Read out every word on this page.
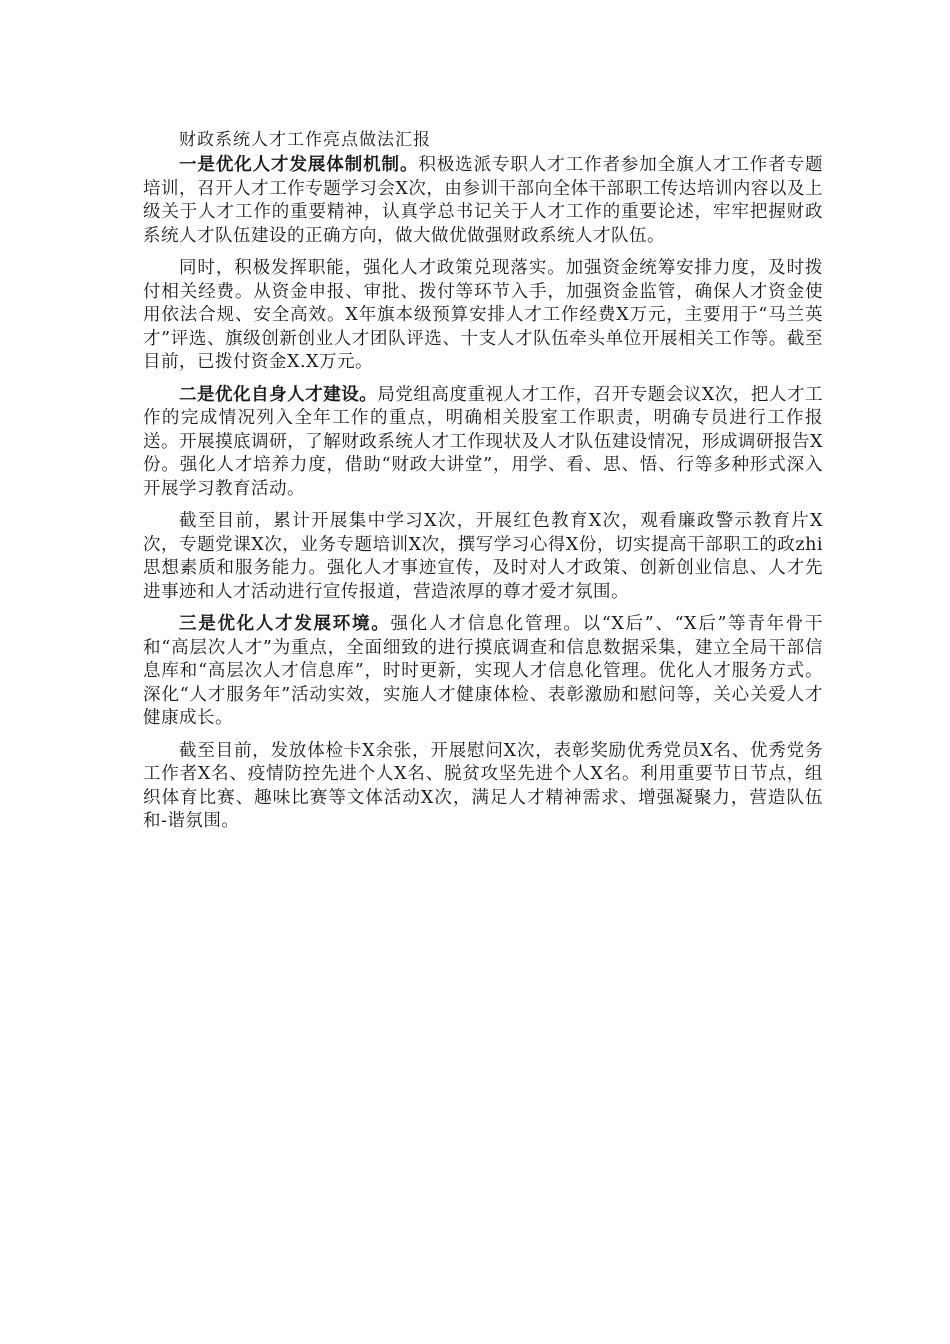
财政系统人才工作亮点做法汇报

一是优化人才发展体制机制。积极选派专职人才工作者参加全旗人才工作者专题培训，召开人才工作专题学习会X次，由参训干部向全体干部职工传达培训内容以及上级关于人才工作的重要精神，认真学总书记关于人才工作的重要论述，牢牢把握财政系统人才队伍建设的正确方向，做大做优做强财政系统人才队伍。

同时，积极发挥职能，强化人才政策兑现落实。加强资金统筹安排力度，及时拨付相关经费。从资金申报、审批、拨付等环节入手，加强资金监管，确保人才资金使用依法合规、安全高效。X年旗本级预算安排人才工作经费X万元，主要用于“马兰英才”评选、旗级创新创业人才团队评选、十支人才队伍牵头单位开展相关工作等。截至目前，已拨付资金X.X万元。

二是优化自身人才建设。局党组高度重视人才工作，召开专题会议X次，把人才工作的完成情况列入全年工作的重点，明确相关股室工作职责，明确专员进行工作报送。开展摸底调研，了解财政系统人才工作现状及人才队伍建设情况，形成调研报告X份。强化人才培养力度，借助“财政大讲堂”，用学、看、思、悟、行等多种形式深入开展学习教育活动。

截至目前，累计开展集中学习X次，开展红色教育X次，观看廉政警示教育片X次，专题党课X次，业务专题培训X次，撰写学习心得X份，切实提高干部职工的政zhi思想素质和服务能力。强化人才事迹宣传，及时对人才政策、创新创业信息、人才先进事迹和人才活动进行宣传报道，营造浓厚的尊才爱才氛围。

三是优化人才发展环境。强化人才信息化管理。以“X后”、“X后”等青年骨干和“高层次人才”为重点，全面细致的进行摸底调查和信息数据采集，建立全局干部信息库和“高层次人才信息库”，时时更新，实现人才信息化管理。优化人才服务方式。深化“人才服务年”活动实效，实施人才健康体检、表彰激励和慰问等，关心关爱人才健康成长。

截至目前，发放体检卡X余张，开展慰问X次，表彰奖励优秀党员X名、优秀党务工作者X名、疫情防控先进个人X名、脱贫攻坚先进个人X名。利用重要节日节点，组织体育比赛、趣味比赛等文体活动X次，满足人才精神需求、增强凝聚力，营造队伍和-谐氛围。
